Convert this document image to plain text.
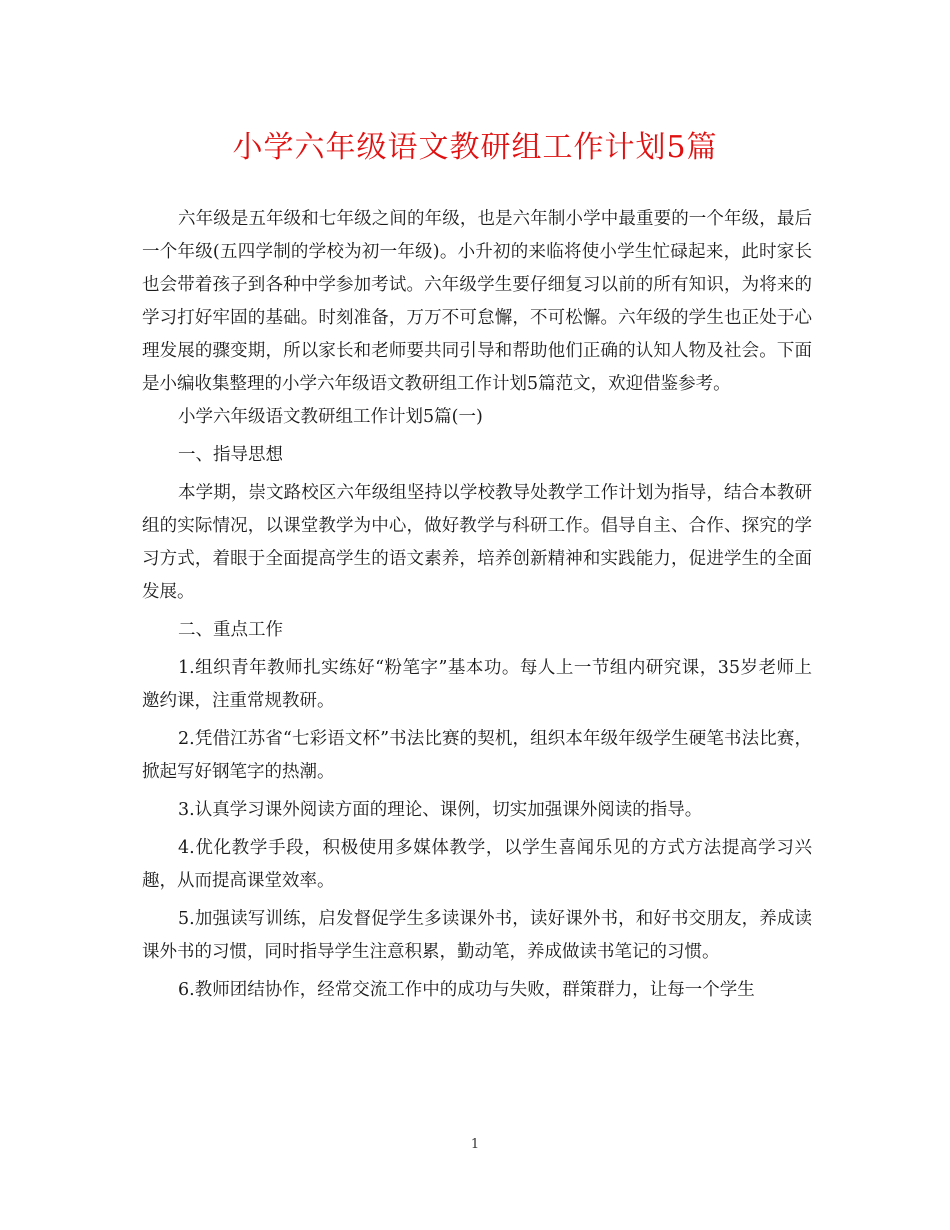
小学六年级语文教研组工作计划5篇

六年级是五年级和七年级之间的年级，也是六年制小学中最重要的一个年级，最后一个年级(五四学制的学校为初一年级)。小升初的来临将使小学生忙碌起来，此时家长也会带着孩子到各种中学参加考试。六年级学生要仔细复习以前的所有知识，为将来的学习打好牢固的基础。时刻准备，万万不可怠懈，不可松懈。六年级的学生也正处于心理发展的骤变期，所以家长和老师要共同引导和帮助他们正确的认知人物及社会。下面是小编收集整理的小学六年级语文教研组工作计划5篇范文，欢迎借鉴参考。

小学六年级语文教研组工作计划5篇(一)

一、指导思想

本学期，崇文路校区六年级组坚持以学校教导处教学工作计划为指导，结合本教研组的实际情况，以课堂教学为中心，做好教学与科研工作。倡导自主、合作、探究的学习方式，着眼于全面提高学生的语文素养，培养创新精神和实践能力，促进学生的全面发展。

二、重点工作

1.组织青年教师扎实练好“粉笔字”基本功。每人上一节组内研究课，35岁老师上邀约课，注重常规教研。

2.凭借江苏省“七彩语文杯”书法比赛的契机，组织本年级年级学生硬笔书法比赛，掀起写好钢笔字的热潮。

3.认真学习课外阅读方面的理论、课例，切实加强课外阅读的指导。

4.优化教学手段，积极使用多媒体教学，以学生喜闻乐见的方式方法提高学习兴趣，从而提高课堂效率。

5.加强读写训练，启发督促学生多读课外书，读好课外书，和好书交朋友，养成读课外书的习惯，同时指导学生注意积累，勤动笔，养成做读书笔记的习惯。

6.教师团结协作，经常交流工作中的成功与失败，群策群力，让每一个学生

1
